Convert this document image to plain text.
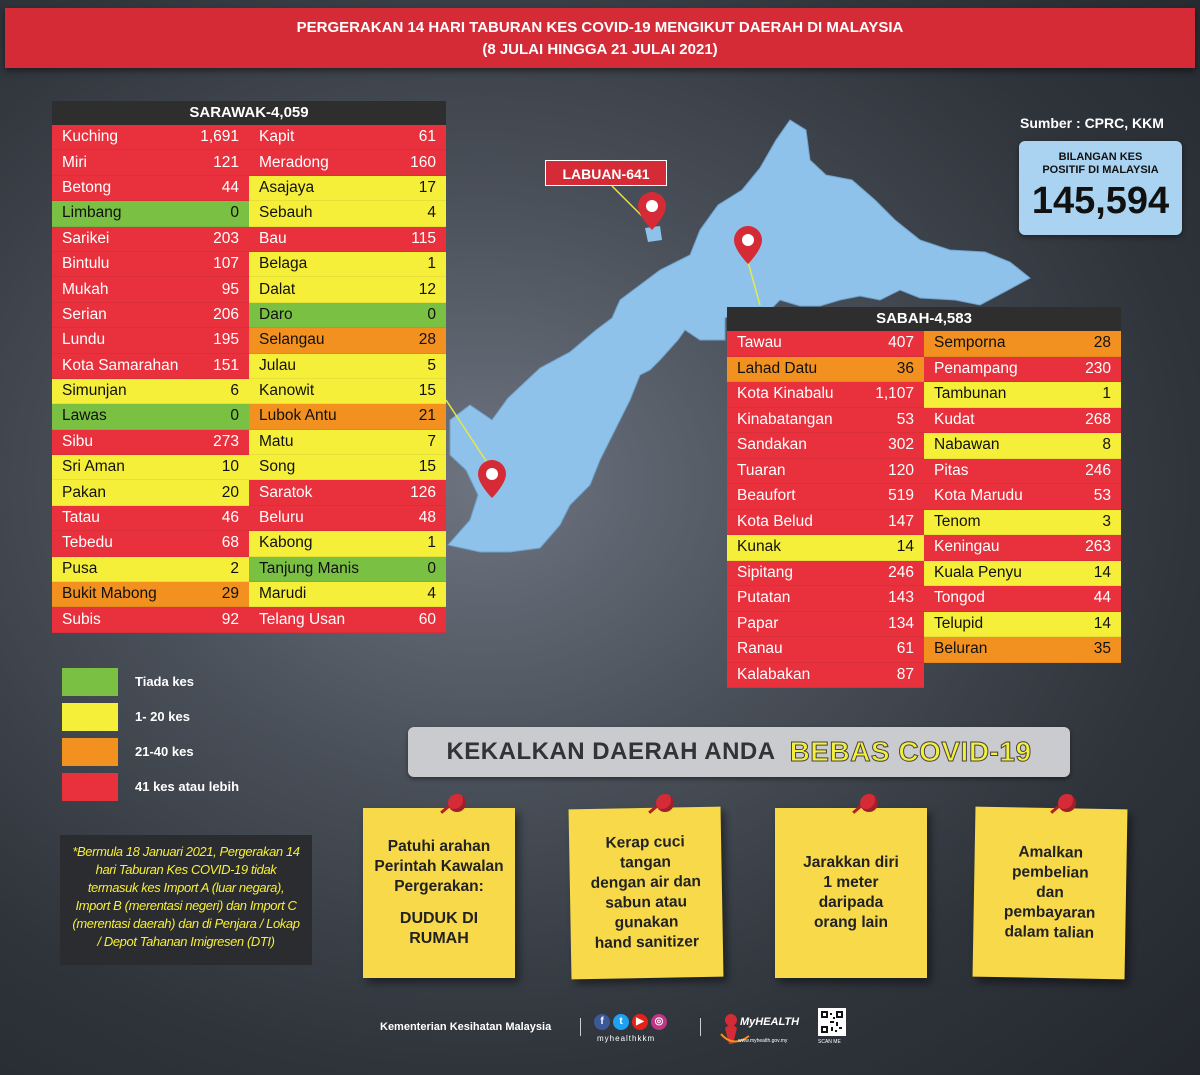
PERGERAKAN 14 HARI TABURAN KES COVID-19 MENGIKUT DAERAH DI MALAYSIA
(8 JULAI HINGGA 21 JULAI 2021)
SARAWAK-4,059
Kuching	1,691
Miri	121
Betong	44
Limbang	0
Sarikei	203
Bintulu	107
Mukah	95
Serian	206
Lundu	195
Kota Samarahan 151
Simunjan	6
Lawas	0
Sibu	273
Sri Aman	10
Pakan	20
Tatau	46
Tebedu	68
Pusa	2
Bukit Mabong	29
Subis	92
Kapit	61
Meradong	160
Asajaya	17
Sebauh	4
Bau	115
Belaga	1
Dalat	12
Daro	0
Selangau	28
Julau	5
Kanowit	15
Lubok Antu	21
Matu	7
Song	15
Saratok	126
Beluru	48
Kabong	1
Tanjung Manis	0
Marudi	4
Telang Usan	60
LABUAN-641
Sumber : CPRC, KKM
BILANGAN KES
POSITIF DI MALAYSIA
145,594
SABAH-4,583
Tawau	407
Lahad Datu	36
Kota Kinabalu	1,107
Kinabatangan	53
Sandakan	302
Tuaran	120
Beaufort	519
Kota Belud	147
Kunak	14
Sipitang	246
Putatan	143
Papar	134
Ranau	61
Kalabakan	87
Semporna	28
Penampang	230
Tambunan	1
Kudat	268
Nabawan	8
Pitas	246
Kota Marudu	53
Tenom	3
Keningau	263
Kuala Penyu	14
Tongod	44
Telupid	14
Beluran	35
Tiada kes
1- 20 kes
21-40 kes
41 kes atau lebih
*Bermula 18 Januari 2021, Pergerakan 14 hari Taburan Kes COVID-19 tidak termasuk kes Import A (luar negara), Import B (merentasi negeri) dan Import C (merentasi daerah) dan di Penjara / Lokap / Depot Tahanan Imigresen (DTI)
KEKALKAN DAERAH ANDA BEBAS COVID-19
Patuhi arahan
Perintah Kawalan
Pergerakan:
DUDUK DI
RUMAH
Kerap cuci
tangan
dengan air dan
sabun atau
gunakan
hand sanitizer
Jarakkan diri
1 meter
daripada
orang lain
Amalkan
pembelian
dan
pembayaran
dalam talian
Kementerian Kesihatan Malaysia	f	t	▶	◎
myhealthkkm
MyHEALTH
www.myhealth.gov.my	SCAN ME
